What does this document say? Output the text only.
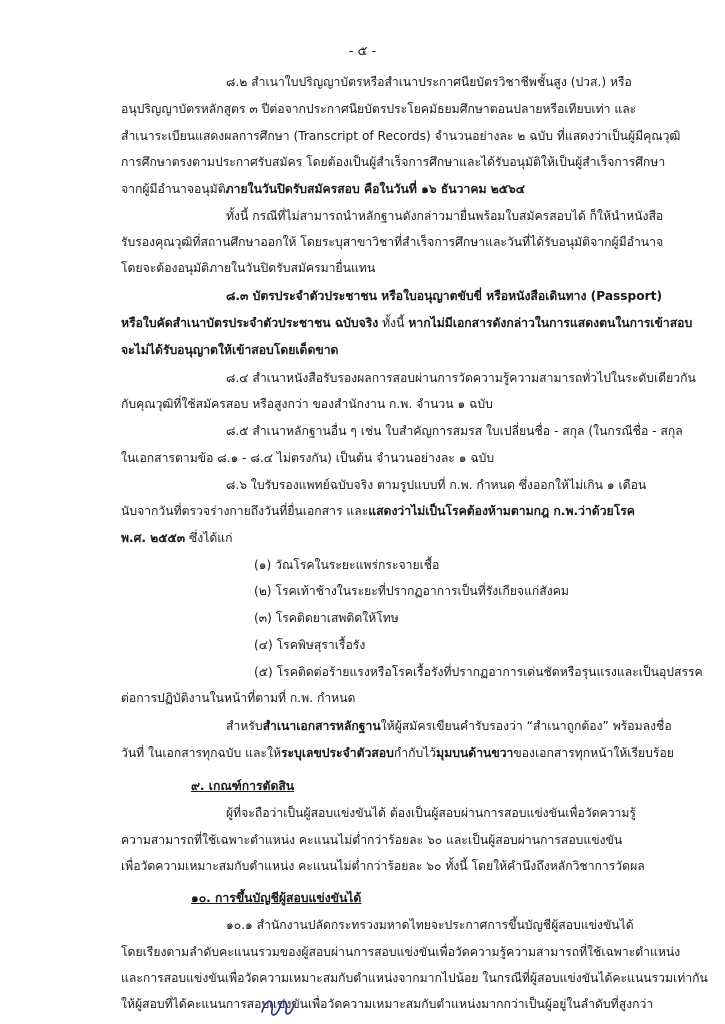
- ๕ -
๘.๒ สำเนาใบปริญญาบัตรหรือสำเนาประกาศนียบัตรวิชาชีพชั้นสูง (ปวส.) หรือ
อนุปริญญาบัตรหลักสูตร ๓ ปีต่อจากประกาศนียบัตรประโยคมัธยมศึกษาตอนปลายหรือเทียบเท่า และ
สำเนาระเบียนแสดงผลการศึกษา (Transcript of Records) จำนวนอย่างละ ๒ ฉบับ ที่แสดงว่าเป็นผู้มีคุณวุฒิ
การศึกษาตรงตามประกาศรับสมัคร โดยต้องเป็นผู้สำเร็จการศึกษาและได้รับอนุมัติให้เป็นผู้สำเร็จการศึกษา
จากผู้มีอำนาจอนุมัติภายในวันปิดรับสมัครสอบ คือในวันที่ ๑๖ ธันวาคม ๒๕๖๔
ทั้งนี้ กรณีที่ไม่สามารถนำหลักฐานดังกล่าวมายื่นพร้อมใบสมัครสอบได้ ก็ให้นำหนังสือ
รับรองคุณวุฒิที่สถานศึกษาออกให้ โดยระบุสาขาวิชาที่สำเร็จการศึกษาและวันที่ได้รับอนุมัติจากผู้มีอำนาจ
โดยจะต้องอนุมัติภายในวันปิดรับสมัครมายื่นแทน
๘.๓ บัตรประจำตัวประชาชน หรือใบอนุญาตขับขี่ หรือหนังสือเดินทาง (Passport)
หรือใบคัดสำเนาบัตรประจำตัวประชาชน ฉบับจริง ทั้งนี้ หากไม่มีเอกสารดังกล่าวในการแสดงตนในการเข้าสอบ
จะไม่ได้รับอนุญาตให้เข้าสอบโดยเด็ดขาด
๘.๔ สำเนาหนังสือรับรองผลการสอบผ่านการวัดความรู้ความสามารถทั่วไปในระดับเดียวกัน
กับคุณวุฒิที่ใช้สมัครสอบ หรือสูงกว่า ของสำนักงาน ก.พ. จำนวน ๑ ฉบับ
๘.๕ สำเนาหลักฐานอื่น ๆ เช่น ใบสำคัญการสมรส ใบเปลี่ยนชื่อ - สกุล (ในกรณีชื่อ - สกุล
ในเอกสารตามข้อ ๘.๑ - ๘.๔ ไม่ตรงกัน) เป็นต้น จำนวนอย่างละ ๑ ฉบับ
๘.๖ ใบรับรองแพทย์ฉบับจริง ตามรูปแบบที่ ก.พ. กำหนด ซึ่งออกให้ไม่เกิน ๑ เดือน
นับจากวันที่ตรวจร่างกายถึงวันที่ยื่นเอกสาร และแสดงว่าไม่เป็นโรคต้องห้ามตามกฎ ก.พ.ว่าด้วยโรค
พ.ศ. ๒๕๕๓ ซึ่งได้แก่
(๑) วัณโรคในระยะแพร่กระจายเชื้อ
(๒) โรคเท้าช้างในระยะที่ปรากฏอาการเป็นที่รังเกียจแก่สังคม
(๓) โรคติดยาเสพติดให้โทษ
(๔) โรคพิษสุราเรื้อรัง
(๕) โรคติดต่อร้ายแรงหรือโรคเรื้อรังที่ปรากฏอาการเด่นชัดหรือรุนแรงและเป็นอุปสรรค
ต่อการปฏิบัติงานในหน้าที่ตามที่ ก.พ. กำหนด
สำหรับสำเนาเอกสารหลักฐานให้ผู้สมัครเขียนคำรับรองว่า “สำเนาถูกต้อง” พร้อมลงชื่อ
วันที่ ในเอกสารทุกฉบับ และให้ระบุเลขประจำตัวสอบกำกับไว้มุมบนด้านขวาของเอกสารทุกหน้าให้เรียบร้อย
๙. เกณฑ์การตัดสิน
ผู้ที่จะถือว่าเป็นผู้สอบแข่งขันได้ ต้องเป็นผู้สอบผ่านการสอบแข่งขันเพื่อวัดความรู้
ความสามารถที่ใช้เฉพาะตำแหน่ง คะแนนไม่ต่ำกว่าร้อยละ ๖๐ และเป็นผู้สอบผ่านการสอบแข่งขัน
เพื่อวัดความเหมาะสมกับตำแหน่ง คะแนนไม่ต่ำกว่าร้อยละ ๖๐ ทั้งนี้ โดยให้คำนึงถึงหลักวิชาการวัดผล
๑๐. การขึ้นบัญชีผู้สอบแข่งขันได้
๑๐.๑ สำนักงานปลัดกระทรวงมหาดไทยจะประกาศการขึ้นบัญชีผู้สอบแข่งขันได้
โดยเรียงตามลำดับคะแนนรวมของผู้สอบผ่านการสอบแข่งขันเพื่อวัดความรู้ความสามารถที่ใช้เฉพาะตำแหน่ง
และการสอบแข่งขันเพื่อวัดความเหมาะสมกับตำแหน่งจากมากไปน้อย ในกรณีที่ผู้สอบแข่งขันได้คะแนนรวมเท่ากัน
ให้ผู้สอบที่ได้คะแนนการสอบแข่งขันเพื่อวัดความเหมาะสมกับตำแหน่งมากกว่าเป็นผู้อยู่ในลำดับที่สูงกว่า
